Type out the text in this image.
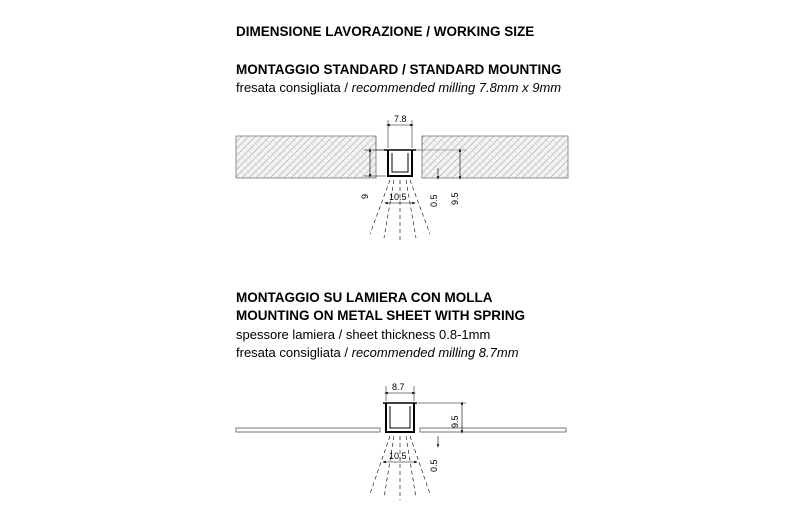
DIMENSIONE LAVORAZIONE / WORKING SIZE
MONTAGGIO STANDARD / STANDARD MOUNTING
fresata consigliata / recommended milling 7.8mm x 9mm
MONTAGGIO SU LAMIERA CON MOLLA
MOUNTING ON METAL SHEET WITH SPRING
spessore lamiera / sheet thickness 0.8-1mm
fresata consigliata / recommended milling 8.7mm
7.8
9	9.5
0.5
10.5
8.7
9.5
0.5
10.5
